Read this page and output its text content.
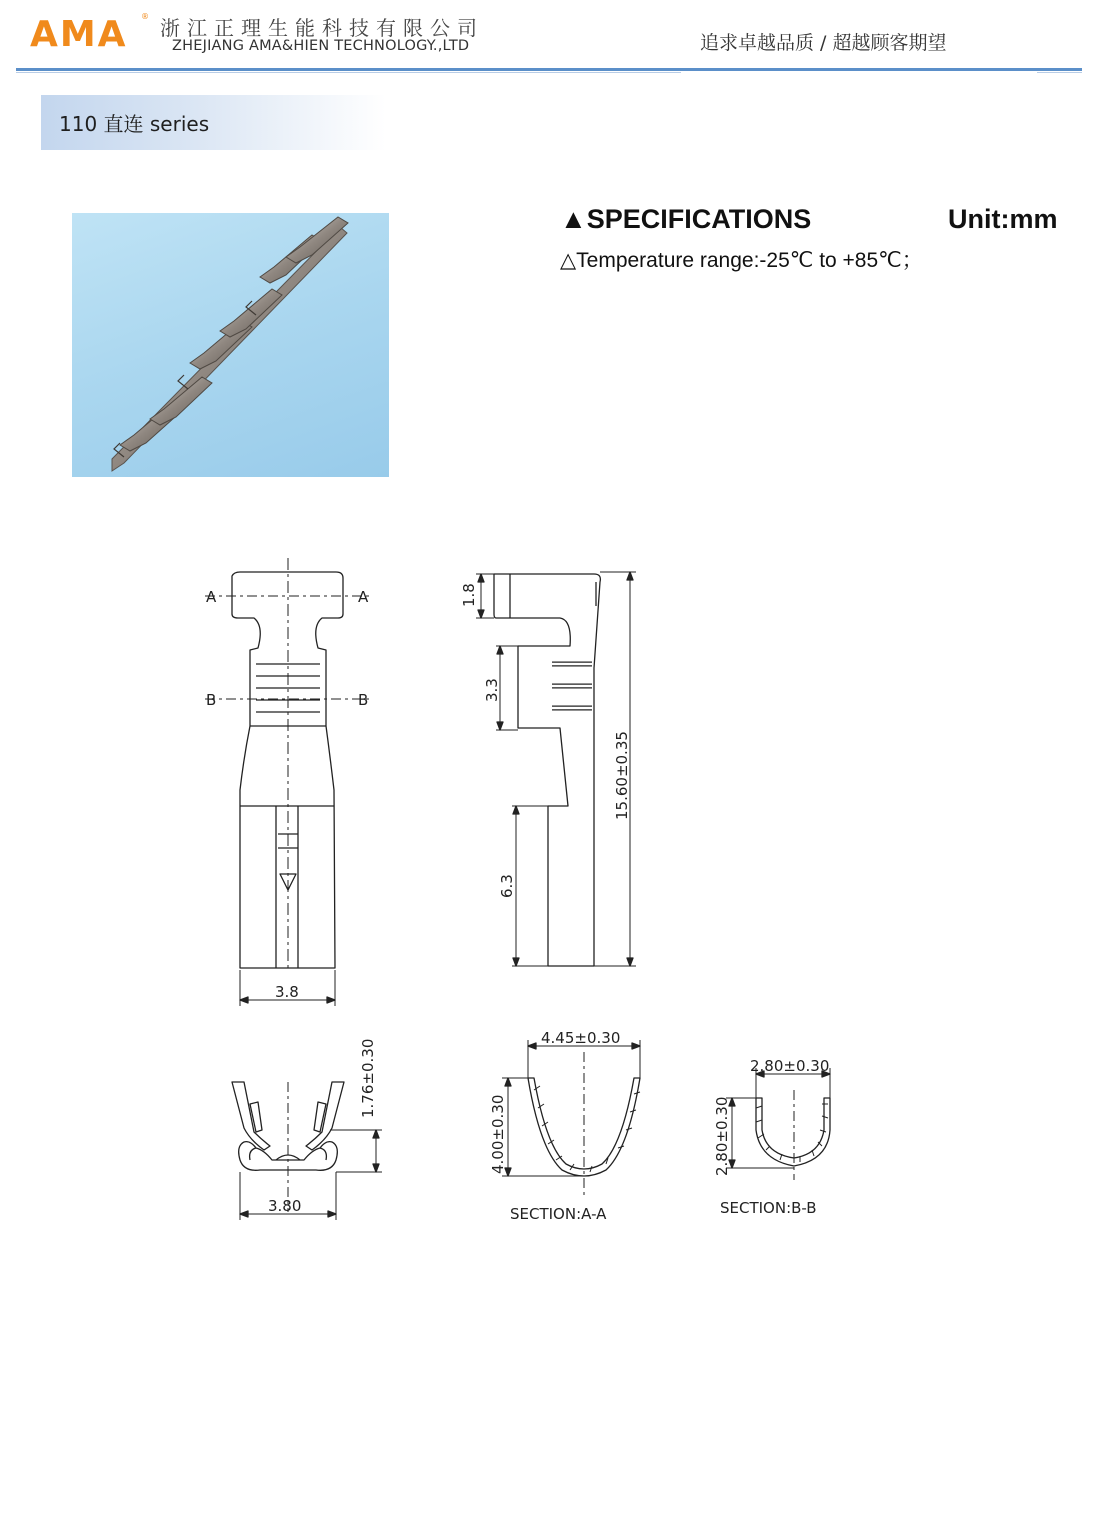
AMA ® 浙江正理生能科技有限公司
ZHEJIANG AMA&HIEN TECHNOLOGY.,LTD	追求卓越品质 / 超越顾客期望
110 直连 series
▲SPECIFICATIONS	Unit:mm
△Temperature range:-25℃ to +85℃；
A	A
B	B
3.8
1.8
3.3
6.3
15.60±0.35
3.80
1.76±0.30
4.45±0.30
4.00±0.30
SECTION:A-A
2.80±0.30
2.80±0.30
SECTION:B-B
